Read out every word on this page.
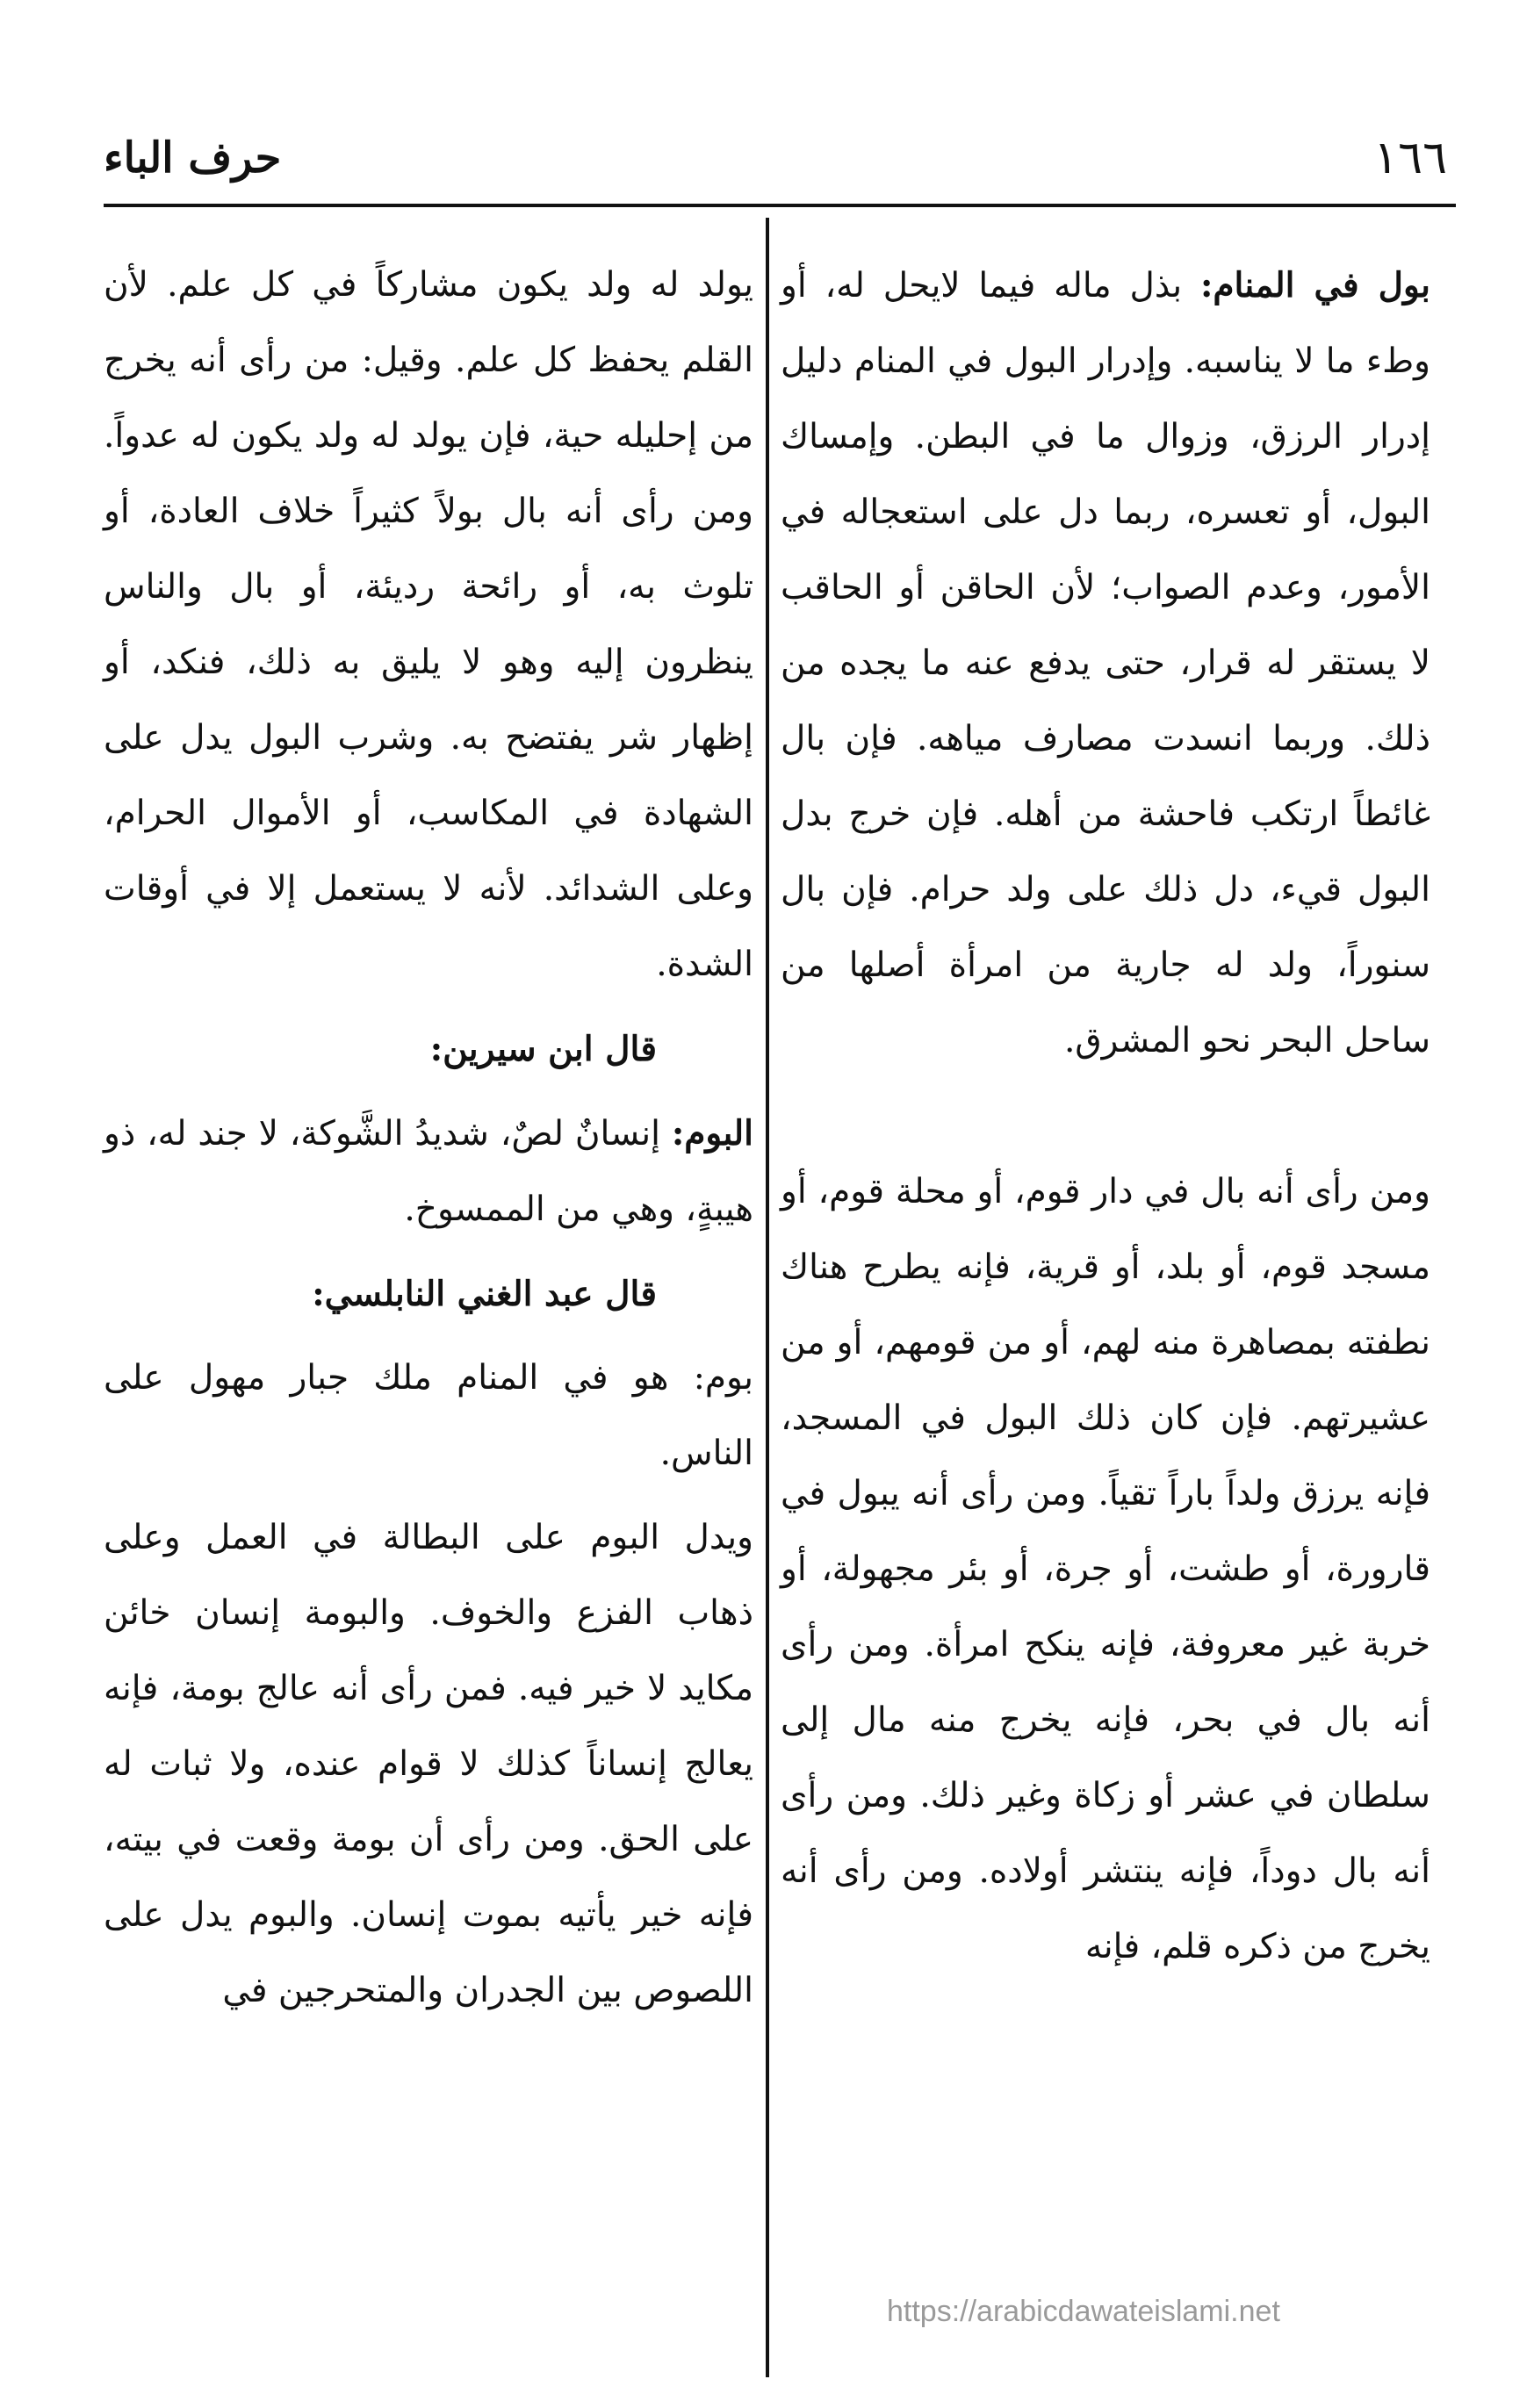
١٦٦
حرف الباء

بول في المنام: بذل ماله فيما لايحل له، أو وطء ما لا يناسبه. وإدرار البول في المنام دليل إدرار الرزق، وزوال ما في البطن. وإمساك البول، أو تعسره، ربما دل على استعجاله في الأمور، وعدم الصواب؛ لأن الحاقن أو الحاقب لا يستقر له قرار، حتى يدفع عنه ما يجده من ذلك. وربما انسدت مصارف مياهه. فإن بال غائطاً ارتكب فاحشة من أهله. فإن خرج بدل البول قيء، دل ذلك على ولد حرام. فإن بال سنوراً، ولد له جارية من امرأة أصلها من ساحل البحر نحو المشرق.

ومن رأى أنه بال في دار قوم، أو محلة قوم، أو مسجد قوم، أو بلد، أو قرية، فإنه يطرح هناك نطفته بمصاهرة منه لهم، أو من قومهم، أو من عشيرتهم. فإن كان ذلك البول في المسجد، فإنه يرزق ولداً باراً تقياً. ومن رأى أنه يبول في قارورة، أو طشت، أو جرة، أو بئر مجهولة، أو خربة غير معروفة، فإنه ينكح امرأة. ومن رأى أنه بال في بحر، فإنه يخرج منه مال إلى سلطان في عشر أو زكاة وغير ذلك. ومن رأى أنه بال دوداً، فإنه ينتشر أولاده. ومن رأى أنه يخرج من ذكره قلم، فإنه

يولد له ولد يكون مشاركاً في كل علم. لأن القلم يحفظ كل علم. وقيل: من رأى أنه يخرج من إحليله حية، فإن يولد له ولد يكون له عدواً. ومن رأى أنه بال بولاً كثيراً خلاف العادة، أو تلوث به، أو رائحة رديئة، أو بال والناس ينظرون إليه وهو لا يليق به ذلك، فنكد، أو إظهار شر يفتضح به. وشرب البول يدل على الشهادة في المكاسب، أو الأموال الحرام، وعلى الشدائد. لأنه لا يستعمل إلا في أوقات الشدة.

قال ابن سيرين:

البوم: إنسانٌ لصٌ، شديدُ الشَّوكة، لا جند له، ذو هيبةٍ، وهي من الممسوخ.

قال عبد الغني النابلسي:

بوم: هو في المنام ملك جبار مهول على الناس.

ويدل البوم على البطالة في العمل وعلى ذهاب الفزع والخوف. والبومة إنسان خائن مكايد لا خير فيه. فمن رأى أنه عالج بومة، فإنه يعالج إنساناً كذلك لا قوام عنده، ولا ثبات له على الحق. ومن رأى أن بومة وقعت في بيته، فإنه خير يأتيه بموت إنسان. والبوم يدل على اللصوص بين الجدران والمتحرجين في

https://arabicdawateislami.net
